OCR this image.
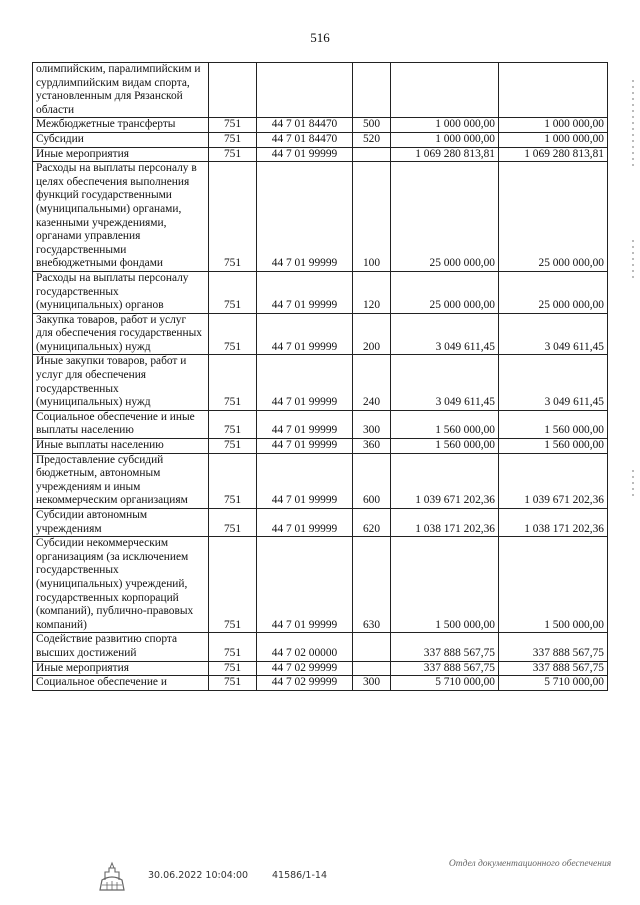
516
олимпийским, паралимпийским и сурдлимпийским видам спорта, установленным для Рязанской области					
Межбюджетные трансферты	751	44 7 01 84470	500	1 000 000,00	1 000 000,00
Субсидии	751	44 7 01 84470	520	1 000 000,00	1 000 000,00
Иные мероприятия	751	44 7 01 99999		1 069 280 813,81	1 069 280 813,81
Расходы на выплаты персоналу в целях обеспечения выполнения функций государственными (муниципальными) органами, казенными учреждениями, органами управления государственными внебюджетными фондами	751	44 7 01 99999	100	25 000 000,00	25 000 000,00
Расходы на выплаты персоналу государственных (муниципальных) органов	751	44 7 01 99999	120	25 000 000,00	25 000 000,00
Закупка товаров, работ и услуг для обеспечения государственных (муниципальных) нужд	751	44 7 01 99999	200	3 049 611,45	3 049 611,45
Иные закупки товаров, работ и услуг для обеспечения государственных (муниципальных) нужд	751	44 7 01 99999	240	3 049 611,45	3 049 611,45
Социальное обеспечение и иные выплаты населению	751	44 7 01 99999	300	1 560 000,00	1 560 000,00
Иные выплаты населению	751	44 7 01 99999	360	1 560 000,00	1 560 000,00
Предоставление субсидий бюджетным, автономным учреждениям и иным некоммерческим организациям	751	44 7 01 99999	600	1 039 671 202,36	1 039 671 202,36
Субсидии автономным учреждениям	751	44 7 01 99999	620	1 038 171 202,36	1 038 171 202,36
Субсидии некоммерческим организациям (за исключением государственных (муниципальных) учреждений, государственных корпораций (компаний), публично-правовых компаний)	751	44 7 01 99999	630	1 500 000,00	1 500 000,00
Содействие развитию спорта высших достижений	751	44 7 02 00000		337 888 567,75	337 888 567,75
Иные мероприятия	751	44 7 02 99999		337 888 567,75	337 888 567,75
Социальное обеспечение и	751	44 7 02 99999	300	5 710 000,00	5 710 000,00
30.06.2022 10:04:00	41586/1-14
Отдел документационного обеспечения
